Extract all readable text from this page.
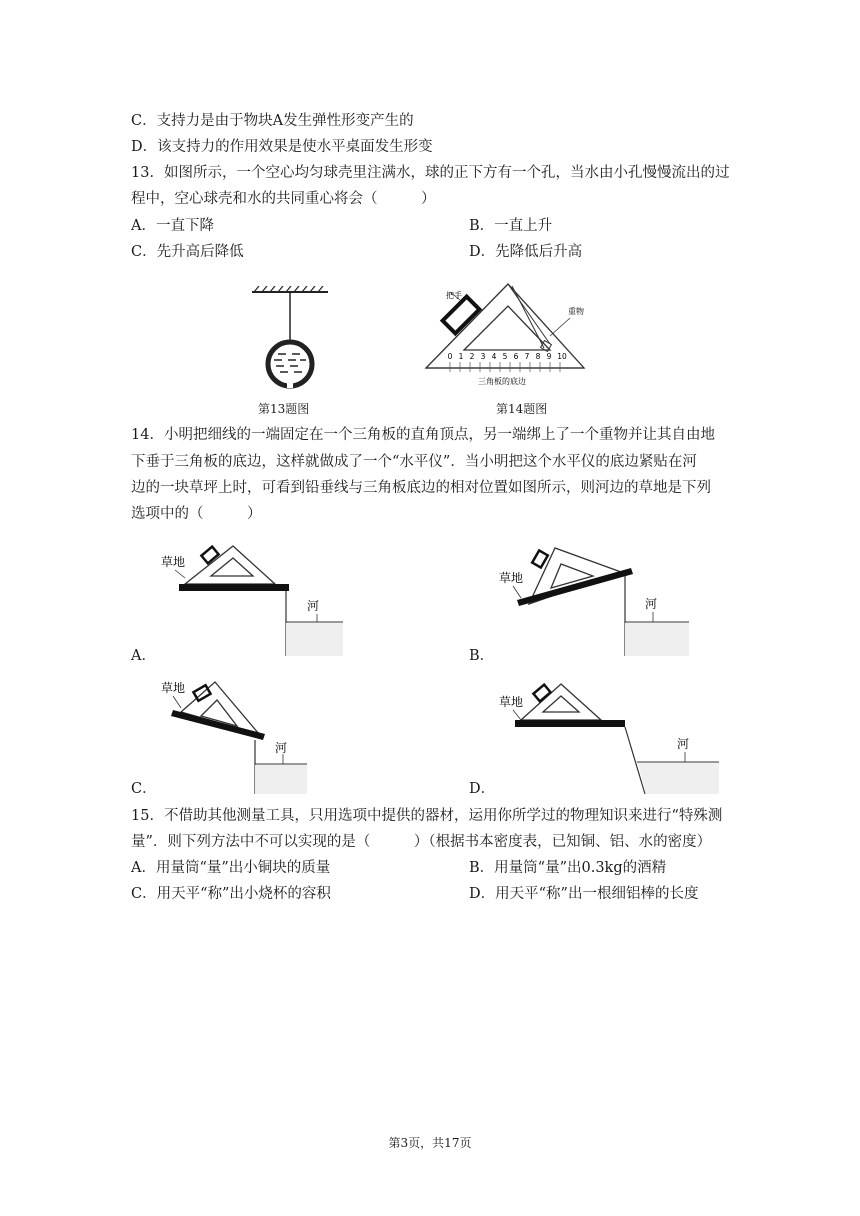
C．支持力是由于物块A发生弹性形变产生的
D．该支持力的作用效果是使水平桌面发生形变
13．如图所示，一个空心均匀球壳里注满水，球的正下方有一个孔，当水由小孔慢慢流出的过
程中，空心球壳和水的共同重心将会（　　　）
A．一直下降	B．一直上升
C．先升高后降低	D．先降低后升高
第13题图
把手
重物
0 1 2 3 4 5 6 7 8 9 10
三角板的底边
第14题图
14．小明把细线的一端固定在一个三角板的直角顶点，另一端绑上了一个重物并让其自由地
下垂于三角板的底边，这样就做成了一个“水平仪”．当小明把这个水平仪的底边紧贴在河
边的一块草坪上时，可看到铅垂线与三角板底边的相对位置如图所示，则河边的草地是下列
选项中的（　　　）
草地
河
A．
草地
河
B．
草地
河
C．
草地
河
D．
15．不借助其他测量工具，只用选项中提供的器材，运用你所学过的物理知识来进行“特殊测
量”．则下列方法中不可以实现的是（　　　）（根据书本密度表，已知铜、铝、水的密度）
A．用量筒“量”出小铜块的质量	B．用量筒“量”出0.3kg的酒精
C．用天平“称”出小烧杯的容积	D．用天平“称”出一根细铝棒的长度
第3页，共17页
